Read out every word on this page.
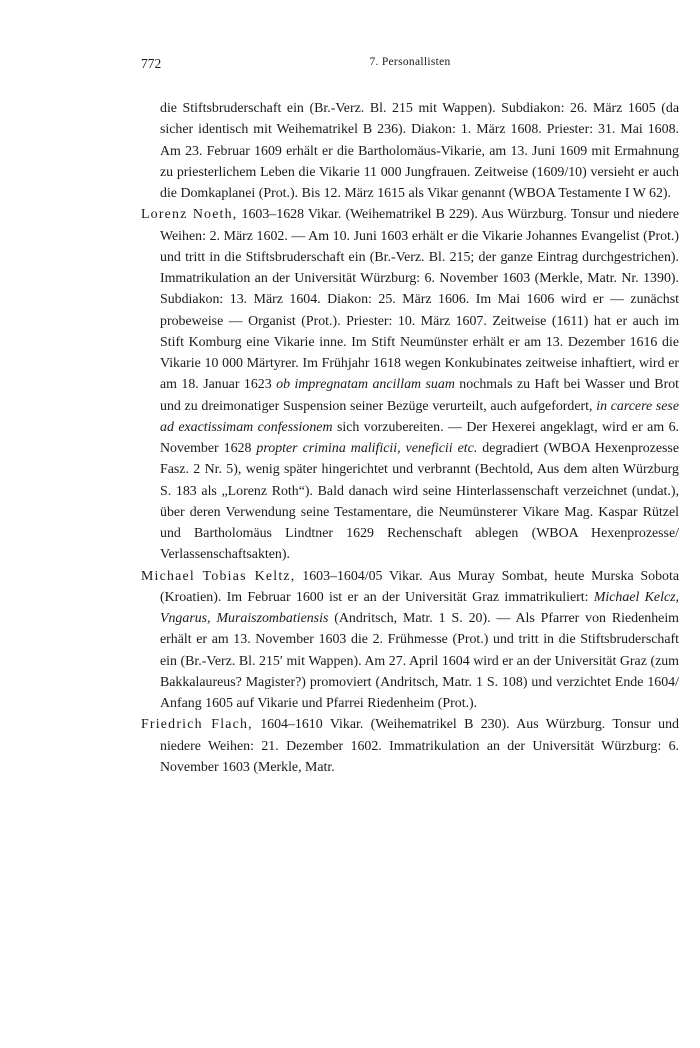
772	7. Personallisten

die Stiftsbruderschaft ein (Br.-Verz. Bl. 215 mit Wappen). Subdiakon: 26. März 1605 (da sicher identisch mit Weihematrikel B 236). Diakon: 1. März 1608. Priester: 31. Mai 1608. Am 23. Februar 1609 erhält er die Bartholomäus-Vikarie, am 13. Juni 1609 mit Ermahnung zu priesterlichem Leben die Vikarie 11 000 Jungfrauen. Zeitweise (1609/10) versieht er auch die Domkaplanei (Prot.). Bis 12. März 1615 als Vikar genannt (WBOA Testamente I W 62).

Lorenz Noeth, 1603–1628 Vikar. (Weihematrikel B 229). Aus Würzburg. Tonsur und niedere Weihen: 2. März 1602. — Am 10. Juni 1603 erhält er die Vikarie Johannes Evangelist (Prot.) und tritt in die Stiftsbruderschaft ein (Br.-Verz. Bl. 215; der ganze Eintrag durchgestrichen). Immatrikulation an der Universität Würzburg: 6. November 1603 (Merkle, Matr. Nr. 1390). Subdiakon: 13. März 1604. Diakon: 25. März 1606. Im Mai 1606 wird er — zunächst probeweise — Organist (Prot.). Priester: 10. März 1607. Zeitweise (1611) hat er auch im Stift Komburg eine Vikarie inne. Im Stift Neumünster erhält er am 13. Dezember 1616 die Vikarie 10 000 Märtyrer. Im Frühjahr 1618 wegen Konkubinates zeitweise inhaftiert, wird er am 18. Januar 1623 ob impregnatam ancillam suam nochmals zu Haft bei Wasser und Brot und zu dreimonatiger Suspension seiner Bezüge verurteilt, auch aufgefordert, in carcere sese ad exactissimam confessionem sich vorzubereiten. — Der Hexerei angeklagt, wird er am 6. November 1628 propter crimina malificii, veneficii etc. degradiert (WBOA Hexenprozesse Fasz. 2 Nr. 5), wenig später hingerichtet und verbrannt (Bechtold, Aus dem alten Würzburg S. 183 als „Lorenz Roth“). Bald danach wird seine Hinterlassenschaft verzeichnet (undat.), über deren Verwendung seine Testamentare, die Neumünsterer Vikare Mag. Kaspar Rützel und Bartholomäus Lindtner 1629 Rechenschaft ablegen (WBOA Hexenprozesse/ Verlassenschaftsakten).

Michael Tobias Keltz, 1603–1604/05 Vikar. Aus Muray Sombat, heute Murska Sobota (Kroatien). Im Februar 1600 ist er an der Universität Graz immatrikuliert: Michael Kelcz, Vngarus, Muraiszombatiensis (Andritsch, Matr. 1 S. 20). — Als Pfarrer von Riedenheim erhält er am 13. November 1603 die 2. Frühmesse (Prot.) und tritt in die Stiftsbruderschaft ein (Br.-Verz. Bl. 215′ mit Wappen). Am 27. April 1604 wird er an der Universität Graz (zum Bakkalaureus? Magister?) promoviert (Andritsch, Matr. 1 S. 108) und verzichtet Ende 1604/ Anfang 1605 auf Vikarie und Pfarrei Riedenheim (Prot.).

Friedrich Flach, 1604–1610 Vikar. (Weihematrikel B 230). Aus Würzburg. Tonsur und niedere Weihen: 21. Dezember 1602. Immatrikulation an der Universität Würzburg: 6. November 1603 (Merkle, Matr.
